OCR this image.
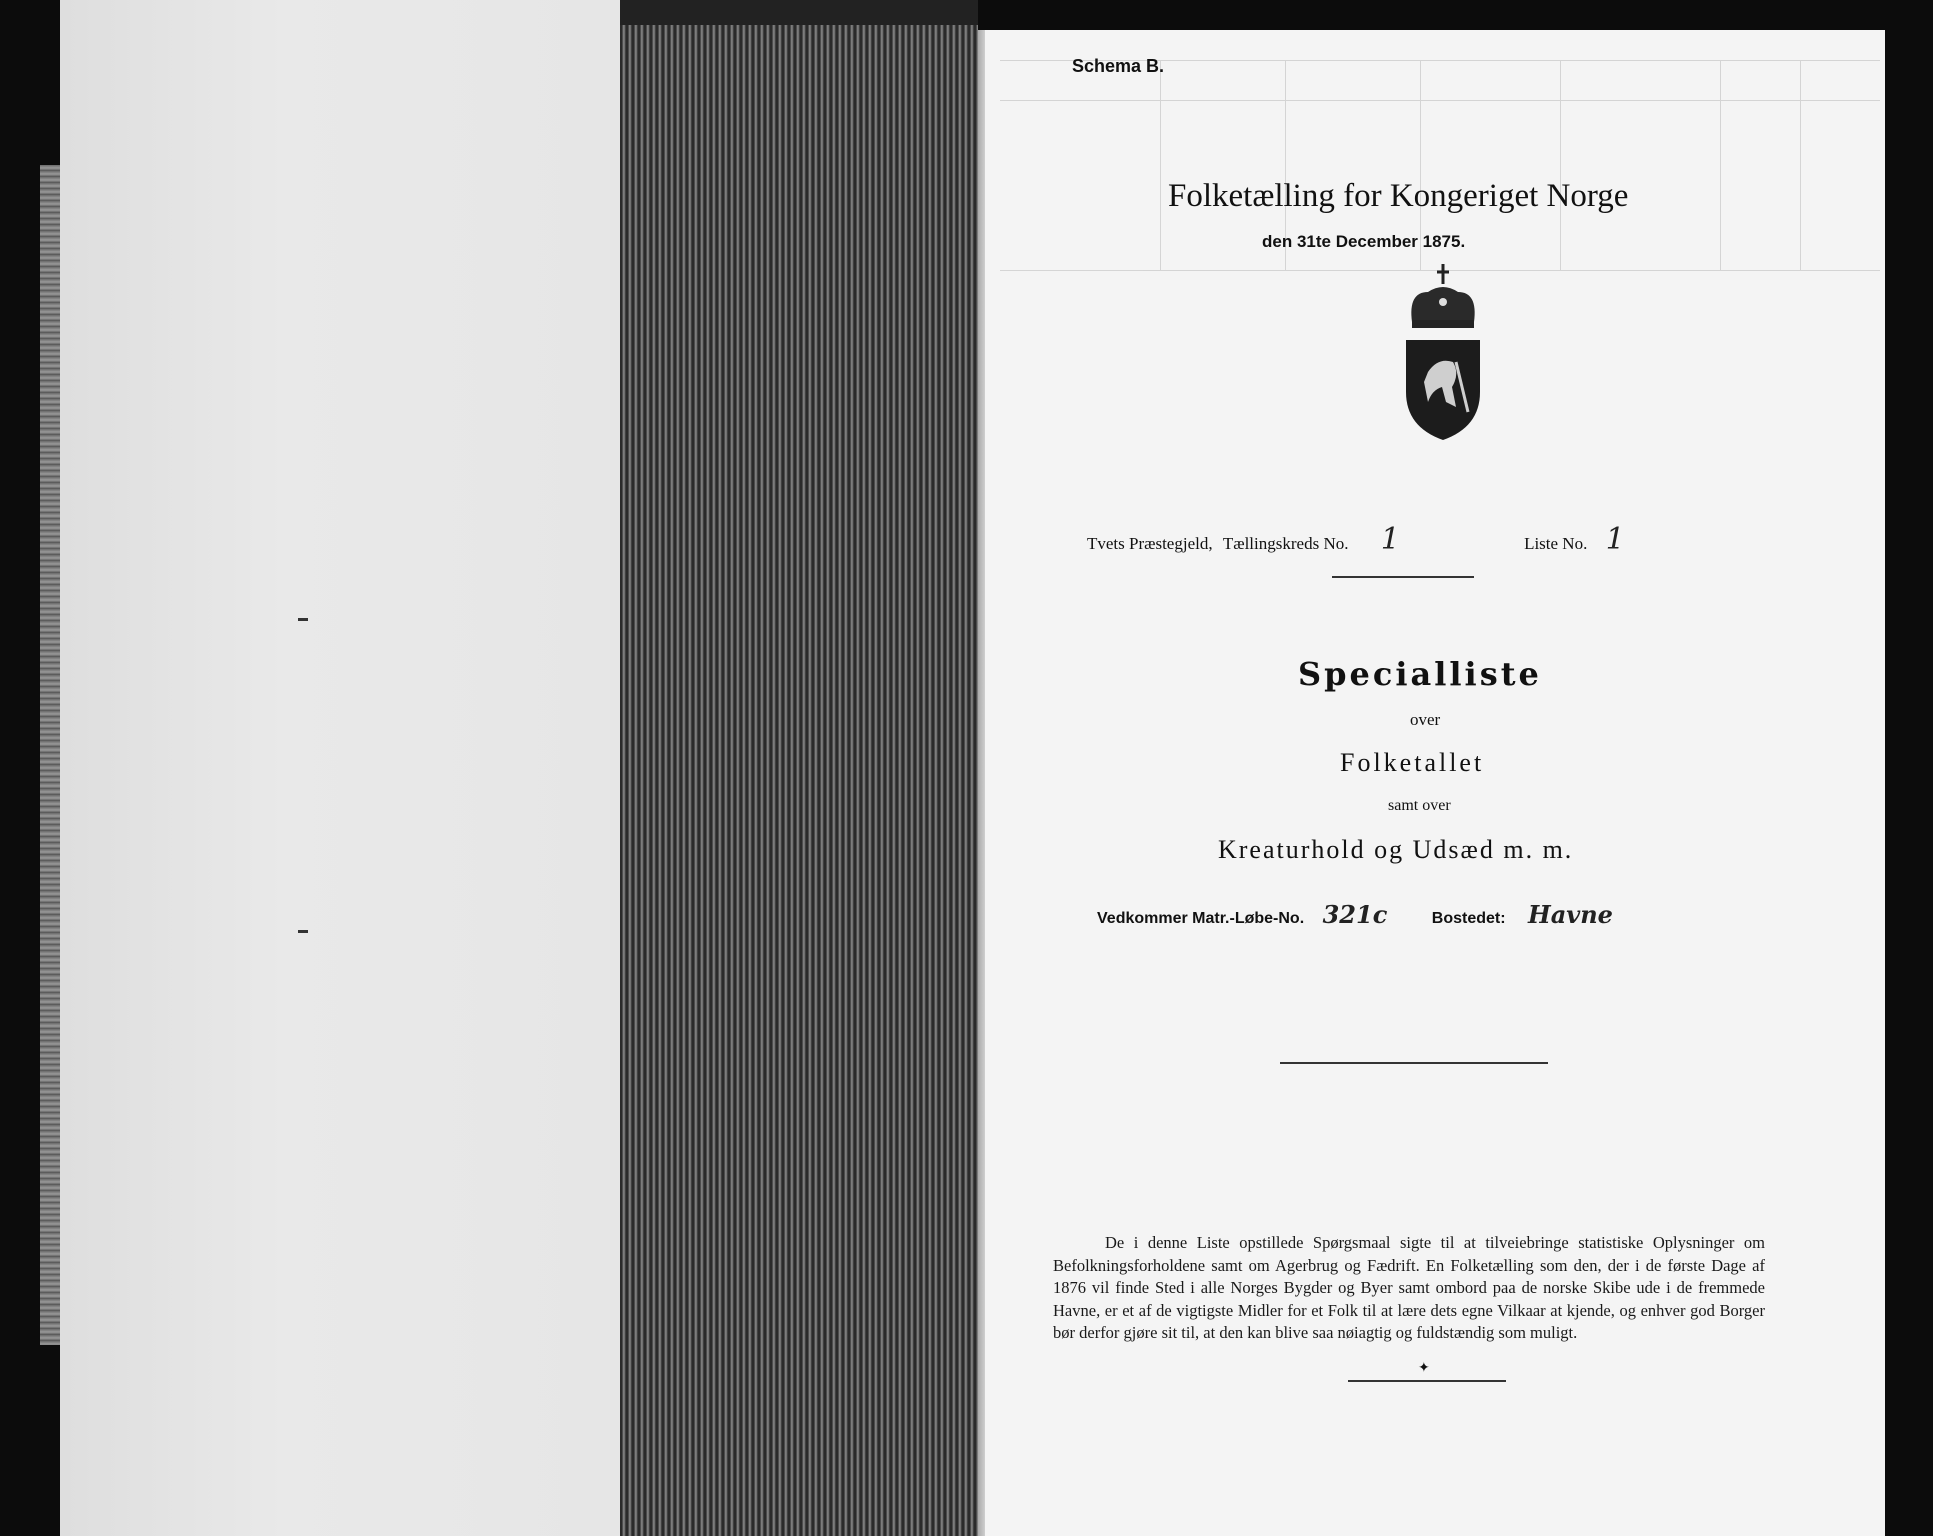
Schema B.
Folketælling for Kongeriget Norge
den 31te December 1875.
Tvets Præstegjeld, Tællingskreds No. 1	Liste No. 1
Specialliste
over
Folketallet
samt over
Kreaturhold og Udsæd m. m.
Vedkommer Matr.-Løbe-No. 321c	Bostedet: Havne
De i denne Liste opstillede Spørgsmaal sigte til at tilveiebringe statistiske Oplysninger om Befolkningsforholdene samt om Agerbrug og Fædrift. En Folketælling som den, der i de første Dage af 1876 vil finde Sted i alle Norges Bygder og Byer samt ombord paa de norske Skibe ude i de fremmede Havne, er et af de vigtigste Midler for et Folk til at lære dets egne Vilkaar at kjende, og enhver god Borger bør derfor gjøre sit til, at den kan blive saa nøiagtig og fuldstændig som muligt.
✦
